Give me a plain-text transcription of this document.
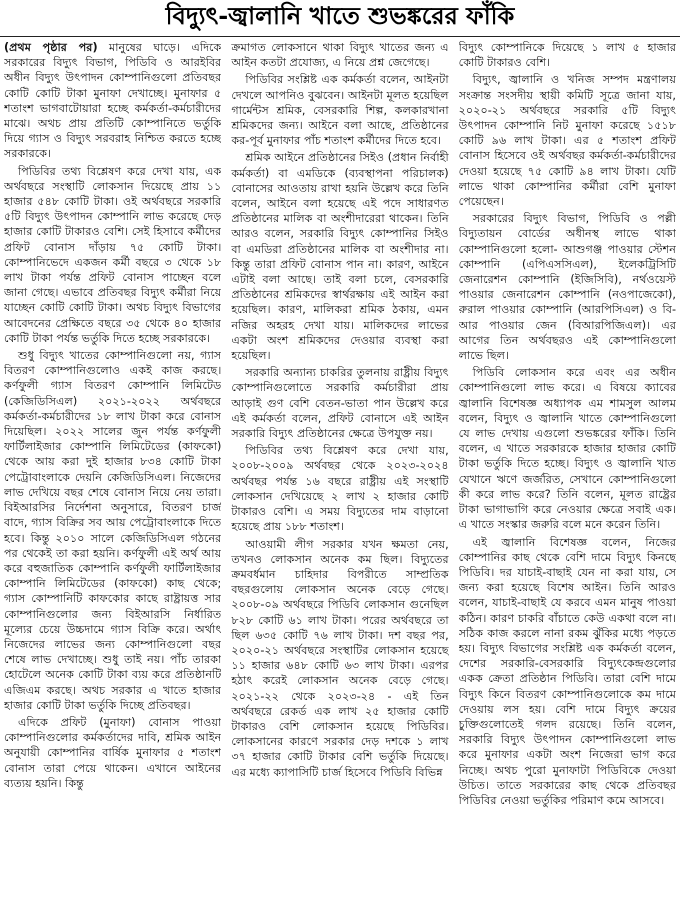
বিদ্যুৎ-জ্বালানি খাতে শুভঙ্করের ফাঁকি

(প্রথম পৃষ্ঠার পর) মানুষের ঘাড়ে। এদিকে সরকারের বিদ্যুৎ বিভাগ, পিডিবি ও আরইবির অধীন বিদ্যুৎ উৎপাদন কোম্পানিগুলো প্রতিবছর কোটি কোটি টাকা মুনাফা দেখাচ্ছে। মুনাফার ৫ শতাংশ ভাগবাটোয়ারা হচ্ছে কর্মকর্তা-কর্মচারীদের মাঝে। অথচ প্রায় প্রতিটি কোম্পানিতে ভর্তুকি দিয়ে গ্যাস ও বিদ্যুৎ সরবরাহ নিশ্চিত করতে হচ্ছে সরকারকে।

পিডিবির তথ্য বিশ্লেষণ করে দেখা যায়, এক অর্থবছরে সংস্থাটি লোকসান দিয়েছে প্রায় ১১ হাজার ৫৪৮ কোটি টাকা। ওই অর্থবছরে সরকারি ৫টি বিদ্যুৎ উৎপাদন কোম্পানি লাভ করেছে দেড় হাজার কোটি টাকারও বেশি। সেই হিসাবে কর্মীদের প্রফিট বোনাস দাঁড়ায় ৭৫ কোটি টাকা। কোম্পানিভেদে একজন কর্মী বছরে ৩ থেকে ১৮ লাখ টাকা পর্যন্ত প্রফিট বোনাস পাচ্ছেন বলে জানা গেছে। এভাবে প্রতিবছর বিদ্যুৎ কর্মীরা নিয়ে যাচ্ছেন কোটি কোটি টাকা। অথচ বিদ্যুৎ বিভাগের আবেদনের প্রেক্ষিতে বছরে ৩৫ থেকে ৪০ হাজার কোটি টাকা পর্যন্ত ভর্তুকি দিতে হচ্ছে সরকারকে।

শুধু বিদ্যুৎ খাতের কোম্পানিগুলো নয়, গ্যাস বিতরণ কোম্পানিগুলোও একই কাজ করছে। কর্ণফুলী গ্যাস বিতরণ কোম্পানি লিমিটেড (কেজিডিসিএল) ২০২১-২০২২ অর্থবছরে কর্মকর্তা-কর্মচারীদের ১৮ লাখ টাকা করে বোনাস দিয়েছিল। ২০২২ সালের জুন পর্যন্ত কর্ণফুলী ফার্টিলাইজার কোম্পানি লিমিটেডের (কাফকো) থেকে আয় করা দুই হাজার ৮৩৪ কোটি টাকা পেট্রোবাংলাকে দেয়নি কেজিডিসিএল। নিজেদের লাভ দেখিয়ে বছর শেষে বোনাস নিয়ে নেয় তারা। বিইআরসির নির্দেশনা অনুসারে, বিতরণ চার্জ বাদে, গ্যাস বিক্রির সব আয় পেট্রোবাংলাকে দিতে হবে। কিন্তু ২০১০ সালে কেজিডিসিএল গঠনের পর থেকেই তা করা হয়নি। কর্ণফুলী এই অর্থ আয় করে বহুজাতিক কোম্পানি কর্ণফুলী ফার্টিলাইজার কোম্পানি লিমিটেডের (কাফকো) কাছ থেকে; গ্যাস কোম্পানিটি কাফকোর কাছে রাষ্ট্রায়ত্ত সার কোম্পানিগুলোর জন্য বিইআরসি নির্ধারিত মূল্যের চেয়ে উচ্চদামে গ্যাস বিক্রি করে। অর্থাৎ নিজেদের লাভের জন্য কোম্পানিগুলো বছর শেষে লাভ দেখাচ্ছে। শুধু তাই নয়। পাঁচ তারকা হোটেলে অনেক কোটি টাকা ব্যয় করে প্রতিষ্ঠানটি এজিএম করছে। অথচ সরকার এ খাতে হাজার হাজার কোটি টাকা ভর্তুকি দিচ্ছে প্রতিবছর।

এদিকে প্রফিট (মুনাফা) বোনাস পাওয়া কোম্পানিগুলোর কর্মকর্তাদের দাবি, শ্রমিক আইন অনুযায়ী কোম্পানির বার্ষিক মুনাফার ৫ শতাংশ বোনাস তারা পেয়ে থাকেন। এখানে আইনের ব্যত্যয় হয়নি। কিন্তু

ক্রমাগত লোকসানে থাকা বিদ্যুৎ খাতের জন্য এ আইন কতটা প্রযোজ্য, এ নিয়ে প্রশ্ন জেগেছে।

পিডিবির সংশ্লিষ্ট এক কর্মকর্তা বলেন, আইনটা দেখলে আপনিও বুঝবেন। আইনটা মূলত হয়েছিল গার্মেন্টস শ্রমিক, বেসরকারি শিল্প, কলকারখানা শ্রমিকদের জন্য। আইনে বলা আছে, প্রতিষ্ঠানের কর-পূর্ব মুনাফার পাঁচ শতাংশ কর্মীদের দিতে হবে।

শ্রমিক আইনে প্রতিষ্ঠানের সিইও (প্রধান নির্বাহী কর্মকর্তা) বা এমডিকে (ব্যবস্থাপনা পরিচালক) বোনাসের আওতায় রাখা হয়নি উল্লেখ করে তিনি বলেন, আইনে বলা হয়েছে এই পদে সাধারণত প্রতিষ্ঠানের মালিক বা অংশীদারেরা থাকেন। তিনি আরও বলেন, সরকারি বিদ্যুৎ কোম্পানির সিইও বা এমডিরা প্রতিষ্ঠানের মালিক বা অংশীদার না। কিন্তু তারা প্রফিট বোনাস পান না। কারণ, আইনে এটাই বলা আছে। তাই বলা চলে, বেসরকারি প্রতিষ্ঠানের শ্রমিকদের স্বার্থরক্ষায় এই আইন করা হয়েছিল। কারণ, মালিকরা শ্রমিক ঠকায়, এমন নজির অহরহ দেখা যায়। মালিকদের লাভের একটা অংশ শ্রমিকদের দেওয়ার ব্যবস্থা করা হয়েছিল।

সরকারি অন্যান্য চাকরির তুলনায় রাষ্ট্রীয় বিদ্যুৎ কোম্পানিগুলোতে সরকারি কর্মচারীরা প্রায় আড়াই গুণ বেশি বেতন-ভাতা পান উল্লেখ করে এই কর্মকর্তা বলেন, প্রফিট বোনাসে এই আইন সরকারি বিদ্যুৎ প্রতিষ্ঠানের ক্ষেত্রে উপযুক্ত নয়।

পিডিবির তথ্য বিশ্লেষণ করে দেখা যায়, ২০০৮-২০০৯ অর্থবছর থেকে ২০২৩-২০২৪ অর্থবছর পর্যন্ত ১৬ বছরে রাষ্ট্রীয় এই সংস্থাটি লোকসান দেখিয়েছে ২ লাখ ২ হাজার কোটি টাকারও বেশি। এ সময় বিদ্যুতের দাম বাড়ানো হয়েছে প্রায় ১৮৮ শতাংশ।

আওয়ামী লীগ সরকার যখন ক্ষমতা নেয়, তখনও লোকসান অনেক কম ছিল। বিদ্যুতের ক্রমবর্ধমান চাহিদার বিপরীতে সাম্প্রতিক বছরগুলোয় লোকসান অনেক বেড়ে গেছে। ২০০৮-০৯ অর্থবছরে পিডিবি লোকসান গুনেছিল ৮২৮ কোটি ৬১ লাখ টাকা। পরের অর্থবছরে তা ছিল ৬৩৫ কোটি ৭৬ লাখ টাকা। দশ বছর পর, ২০২০-২১ অর্থবছরে সংস্থাটির লোকসান হয়েছে ১১ হাজার ৬৪৮ কোটি ৬৩ লাখ টাকা। এরপর হঠাৎ করেই লোকসান অনেক বেড়ে গেছে। ২০২১-২২ থেকে ২০২৩-২৪ - এই তিন অর্থবছরে রেকর্ড এক লাখ ২৫ হাজার কোটি টাকারও বেশি লোকসান হয়েছে পিডিবির। লোকসানের কারণে সরকার দেড় দশকে ১ লাখ ৩৭ হাজার কোটি টাকার বেশি ভর্তুকি দিয়েছে। এর মধ্যে ক্যাপাসিটি চার্জ হিসেবে পিডিবি বিভিন্ন

বিদ্যুৎ কোম্পানিকে দিয়েছে ১ লাখ ৫ হাজার কোটি টাকারও বেশি।

বিদ্যুৎ, জ্বালানি ও খনিজ সম্পদ মন্ত্রণালয় সংক্রান্ত সংসদীয় স্থায়ী কমিটি সূত্রে জানা যায়, ২০২০-২১ অর্থবছরে সরকারি ৫টি বিদ্যুৎ উৎপাদন কোম্পানি নিট মুনাফা করেছে ১৫১৮ কোটি ৯৬ লাখ টাকা। এর ৫ শতাংশ প্রফিট বোনাস হিসেবে ওই অর্থবছর কর্মকর্তা-কর্মচারীদের দেওয়া হয়েছে ৭৫ কোটি ৯৪ লাখ টাকা। যেটি লাভে থাকা কোম্পানির কর্মীরা বেশি মুনাফা পেয়েছেন।

সরকারের বিদ্যুৎ বিভাগ, পিডিবি ও পল্লী বিদ্যুতায়ন বোর্ডের অধীনস্থ লাভে থাকা কোম্পানিগুলো হলো- আশুগঞ্জ পাওয়ার স্টেশন কোম্পানি (এপিএসসিএল), ইলেকট্রিসিটি জেনারেশন কোম্পানি (ইজিসিবি), নর্থওয়েস্ট পাওয়ার জেনারেশন কোম্পানি (নওপাজেকো), রুরাল পাওয়ার কোম্পানি (আরপিসিএল) ও বি-আর পাওয়ার জেন (বিআরপিজিএল)। এর আগের তিন অর্থবছরও এই কোম্পানিগুলো লাভে ছিল।

পিডিবি লোকসান করে এবং এর অধীন কোম্পানিগুলো লাভ করে। এ বিষয়ে ক্যাবের জ্বালানি বিশেষজ্ঞ অধ্যাপক এম শামসুল আলম বলেন, বিদ্যুৎ ও জ্বালানি খাতে কোম্পানিগুলো যে লাভ দেখায় এগুলো শুভঙ্করের ফাঁকি। তিনি বলেন, এ খাতে সরকারকে হাজার হাজার কোটি টাকা ভর্তুকি দিতে হচ্ছে। বিদ্যুৎ ও জ্বালানি খাত যেখানে ঋণে জর্জরিত, সেখানে কোম্পানিগুলো কী করে লাভ করে? তিনি বলেন, মূলত রাষ্ট্রের টাকা ভাগাভাগি করে নেওয়ার ক্ষেত্রে সবাই এক। এ খাতে সংস্কার জরুরি বলে মনে করেন তিনি।

এই জ্বালানি বিশেষজ্ঞ বলেন, নিজের কোম্পানির কাছ থেকে বেশি দামে বিদ্যুৎ কিনছে পিডিবি। দর যাচাই-বাছাই যেন না করা যায়, সে জন্য করা হয়েছে বিশেষ আইন। তিনি আরও বলেন, যাচাই-বাছাই যে করবে এমন মানুষ পাওয়া কঠিন। কারণ চাকরি বাঁচাতে কেউ একথা বলে না। সঠিক কাজ করলে নানা রকম ঝুঁকির মধ্যে পড়তে হয়। বিদ্যুৎ বিভাগের সংশ্লিষ্ট এক কর্মকর্তা বলেন, দেশের সরকারি-বেসরকারি বিদ্যুৎকেন্দ্রগুলোর একক ক্রেতা প্রতিষ্ঠান পিডিবি। তারা বেশি দামে বিদ্যুৎ কিনে বিতরণ কোম্পানিগুলোকে কম দামে দেওয়ায় লস হয়। বেশি দামে বিদ্যুৎ ক্রয়ের চুক্তিগুলোতেই গলদ রয়েছে। তিনি বলেন, সরকারি বিদ্যুৎ উৎপাদন কোম্পানিগুলো লাভ করে মুনাফার একটা অংশ নিজেরা ভাগ করে নিচ্ছে। অথচ পুরো মুনাফাটা পিডিবিকে দেওয়া উচিত। তাতে সরকারের কাছ থেকে প্রতিবছর পিডিবির নেওয়া ভর্তুকির পরিমাণ কমে আসবে।
